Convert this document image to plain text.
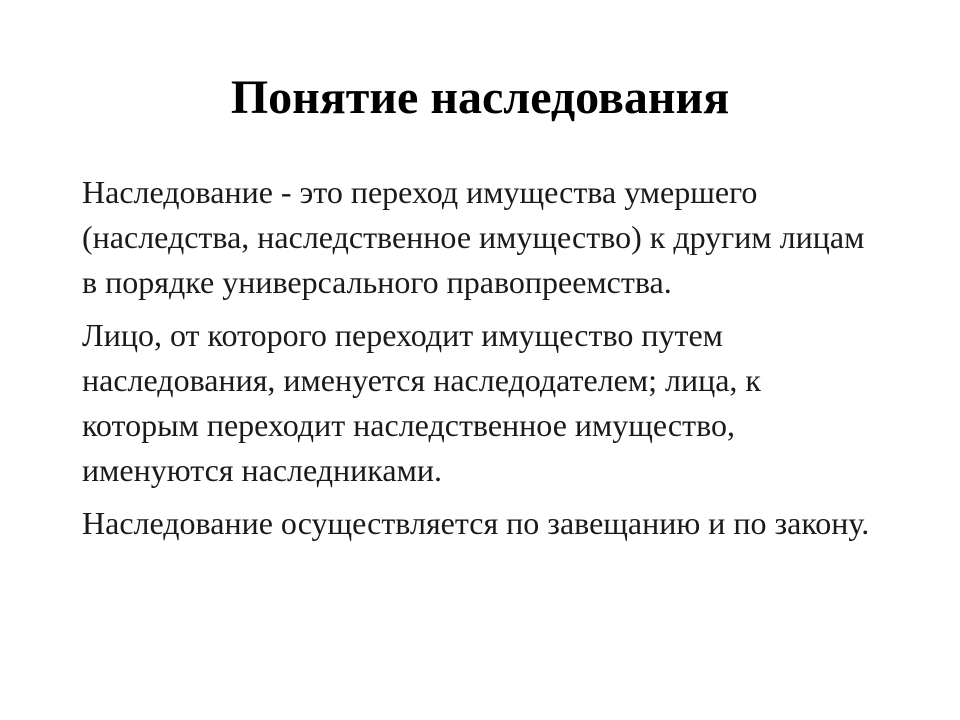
Понятие наследования

Наследование - это переход имущества умершего (наследства, наследственное имущество) к другим лицам в порядке универсального правопреемства.

Лицо, от которого переходит имущество путем наследования, именуется наследодателем; лица, к которым переходит наследственное имущество, именуются наследниками.

Наследование осуществляется по завещанию и по закону.
